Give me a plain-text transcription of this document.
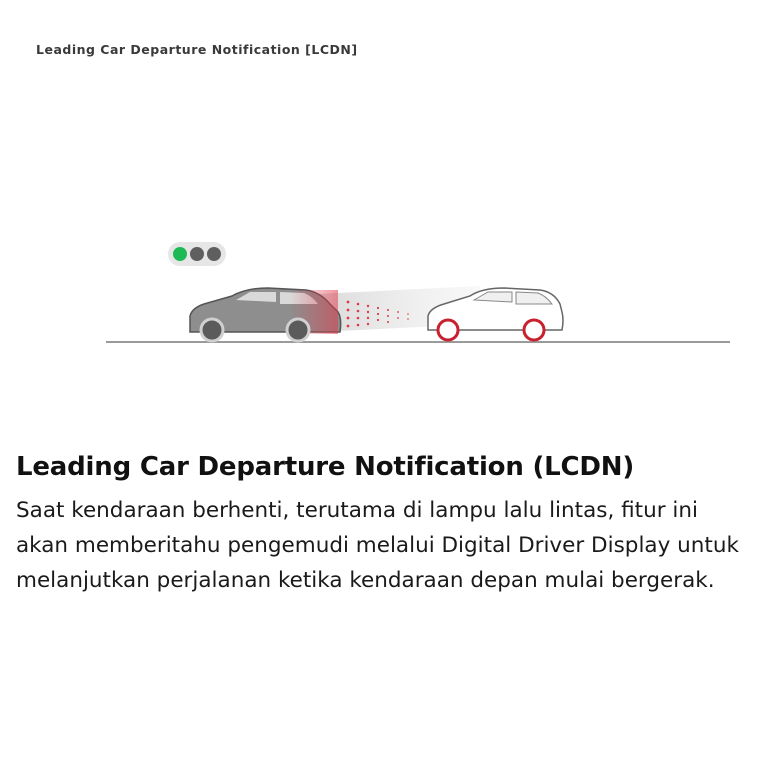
Leading Car Departure Notification [LCDN]
Leading Car Departure Notification (LCDN)

Saat kendaraan berhenti, terutama di lampu lalu lintas, fitur ini akan memberitahu pengemudi melalui Digital Driver Display untuk melanjutkan perjalanan ketika kendaraan depan mulai bergerak.
